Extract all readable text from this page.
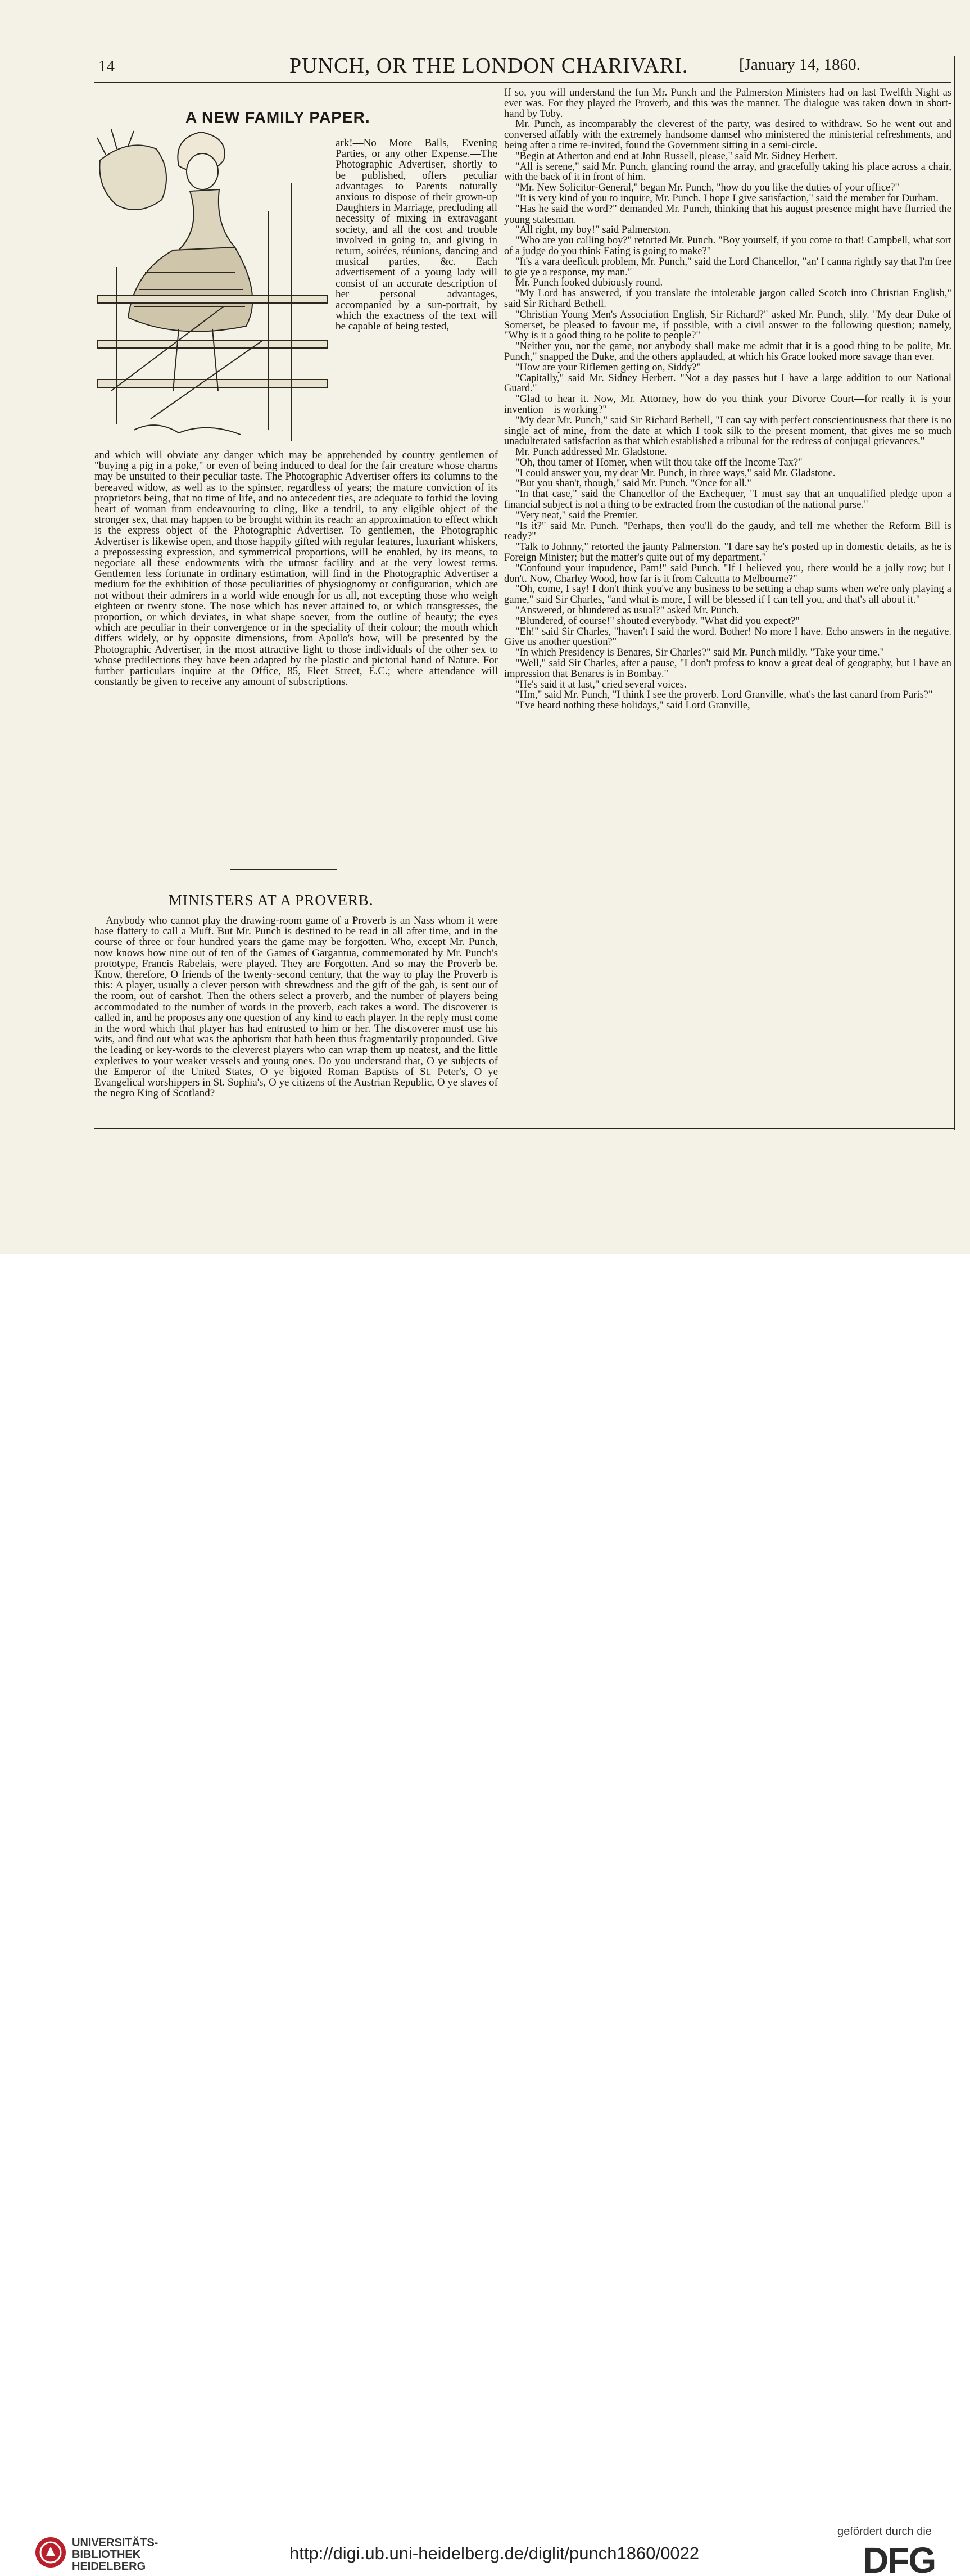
14	PUNCH, OR THE LONDON CHARIVARI.	[January 14, 1860.
A NEW FAMILY PAPER.

ark!—No More Balls, Evening Parties, or any other Expense.—The Photographic Advertiser, shortly to be published, offers peculiar advantages to Parents naturally anxious to dispose of their grown-up Daughters in Marriage, precluding all necessity of mixing in extravagant society, and all the cost and trouble involved in going to, and giving in return, soirées, réunions, dancing and musical parties, &c. Each advertisement of a young lady will consist of an accurate description of her personal advantages, accompanied by a sun-portrait, by which the exactness of the text will be capable of being tested,

and which will obviate any danger which may be apprehended by country gentlemen of "buying a pig in a poke," or even of being induced to deal for the fair creature whose charms may be unsuited to their peculiar taste. The Photographic Advertiser offers its columns to the bereaved widow, as well as to the spinster, regardless of years; the mature conviction of its proprietors being, that no time of life, and no antecedent ties, are adequate to forbid the loving heart of woman from endeavouring to cling, like a tendril, to any eligible object of the stronger sex, that may happen to be brought within its reach: an approximation to effect which is the express object of the Photographic Advertiser. To gentlemen, the Photographic Advertiser is likewise open, and those happily gifted with regular features, luxuriant whiskers, a prepossessing expression, and symmetrical proportions, will be enabled, by its means, to negociate all these endowments with the utmost facility and at the very lowest terms. Gentlemen less fortunate in ordinary estimation, will find in the Photographic Advertiser a medium for the exhibition of those peculiarities of physiognomy or configuration, which are not without their admirers in a world wide enough for us all, not excepting those who weigh eighteen or twenty stone. The nose which has never attained to, or which transgresses, the proportion, or which deviates, in what shape soever, from the outline of beauty; the eyes which are peculiar in their convergence or in the speciality of their colour; the mouth which differs widely, or by opposite dimensions, from Apollo's bow, will be presented by the Photographic Advertiser, in the most attractive light to those individuals of the other sex to whose predilections they have been adapted by the plastic and pictorial hand of Nature. For further particulars inquire at the Office, 85, Fleet Street, E.C.; where attendance will constantly be given to receive any amount of subscriptions.

MINISTERS AT A PROVERB.

Anybody who cannot play the drawing-room game of a Proverb is an Nass whom it were base flattery to call a Muff. But Mr. Punch is destined to be read in all after time, and in the course of three or four hundred years the game may be forgotten. Who, except Mr. Punch, now knows how nine out of ten of the Games of Gargantua, commemorated by Mr. Punch's prototype, Francis Rabelais, were played. They are Forgotten. And so may the Proverb be. Know, therefore, O friends of the twenty-second century, that the way to play the Proverb is this: A player, usually a clever person with shrewdness and the gift of the gab, is sent out of the room, out of earshot. Then the others select a proverb, and the number of players being accommodated to the number of words in the proverb, each takes a word. The discoverer is called in, and he proposes any one question of any kind to each player. In the reply must come in the word which that player has had entrusted to him or her. The discoverer must use his wits, and find out what was the aphorism that hath been thus fragmentarily propounded. Give the leading or key-words to the cleverest players who can wrap them up neatest, and the little expletives to your weaker vessels and young ones. Do you understand that, O ye subjects of the Emperor of the United States, O ye bigoted Roman Baptists of St. Peter's, O ye Evangelical worshippers in St. Sophia's, O ye citizens of the Austrian Republic, O ye slaves of the negro King of Scotland?

If so, you will understand the fun Mr. Punch and the Palmerston Ministers had on last Twelfth Night as ever was. For they played the Proverb, and this was the manner. The dialogue was taken down in short-hand by Toby.

Mr. Punch, as incomparably the cleverest of the party, was desired to withdraw. So he went out and conversed affably with the extremely handsome damsel who ministered the ministerial refreshments, and being after a time re-invited, found the Government sitting in a semi-circle.

"Begin at Atherton and end at John Russell, please," said Mr. Sidney Herbert.

"All is serene," said Mr. Punch, glancing round the array, and gracefully taking his place across a chair, with the back of it in front of him.

"Mr. New Solicitor-General," began Mr. Punch, "how do you like the duties of your office?"

"It is very kind of you to inquire, Mr. Punch. I hope I give satisfaction," said the member for Durham.

"Has he said the word?" demanded Mr. Punch, thinking that his august presence might have flurried the young statesman.

"All right, my boy!" said Palmerston.

"Who are you calling boy?" retorted Mr. Punch. "Boy yourself, if you come to that! Campbell, what sort of a judge do you think Eating is going to make?"

"It's a vara deeficult problem, Mr. Punch," said the Lord Chancellor, "an' I canna rightly say that I'm free to gie ye a response, my man."

Mr. Punch looked dubiously round.

"My Lord has answered, if you translate the intolerable jargon called Scotch into Christian English," said Sir Richard Bethell.

"Christian Young Men's Association English, Sir Richard?" asked Mr. Punch, slily. "My dear Duke of Somerset, be pleased to favour me, if possible, with a civil answer to the following question; namely, "Why is it a good thing to be polite to people?"

"Neither you, nor the game, nor anybody shall make me admit that it is a good thing to be polite, Mr. Punch," snapped the Duke, and the others applauded, at which his Grace looked more savage than ever.

"How are your Riflemen getting on, Siddy?"

"Capitally," said Mr. Sidney Herbert. "Not a day passes but I have a large addition to our National Guard."

"Glad to hear it. Now, Mr. Attorney, how do you think your Divorce Court—for really it is your invention—is working?"

"My dear Mr. Punch," said Sir Richard Bethell, "I can say with perfect conscientiousness that there is no single act of mine, from the date at which I took silk to the present moment, that gives me so much unadulterated satisfaction as that which established a tribunal for the redress of conjugal grievances."

Mr. Punch addressed Mr. Gladstone.

"Oh, thou tamer of Homer, when wilt thou take off the Income Tax?"

"I could answer you, my dear Mr. Punch, in three ways," said Mr. Gladstone.

"But you shan't, though," said Mr. Punch. "Once for all."

"In that case," said the Chancellor of the Exchequer, "I must say that an unqualified pledge upon a financial subject is not a thing to be extracted from the custodian of the national purse."

"Very neat," said the Premier.

"Is it?" said Mr. Punch. "Perhaps, then you'll do the gaudy, and tell me whether the Reform Bill is ready?"

"Talk to Johnny," retorted the jaunty Palmerston. "I dare say he's posted up in domestic details, as he is Foreign Minister; but the matter's quite out of my department."

"Confound your impudence, Pam!" said Punch. "If I believed you, there would be a jolly row; but I don't. Now, Charley Wood, how far is it from Calcutta to Melbourne?"

"Oh, come, I say! I don't think you've any business to be setting a chap sums when we're only playing a game," said Sir Charles, "and what is more, I will be blessed if I can tell you, and that's all about it."

"Answered, or blundered as usual?" asked Mr. Punch.

"Blundered, of course!" shouted everybody. "What did you expect?"

"Eh!" said Sir Charles, "haven't I said the word. Bother! No more I have. Echo answers in the negative. Give us another question?"

"In which Presidency is Benares, Sir Charles?" said Mr. Punch mildly. "Take your time."

"Well," said Sir Charles, after a pause, "I don't profess to know a great deal of geography, but I have an impression that Benares is in Bombay."

"He's said it at last," cried several voices.

"Hm," said Mr. Punch, "I think I see the proverb. Lord Granville, what's the last canard from Paris?"

"I've heard nothing these holidays," said Lord Granville,

UNIVERSITÄTS-
BIBLIOTHEK
HEIDELBERG
http://digi.ub.uni-heidelberg.de/diglit/punch1860/0022
gefördert durch die
DFG
